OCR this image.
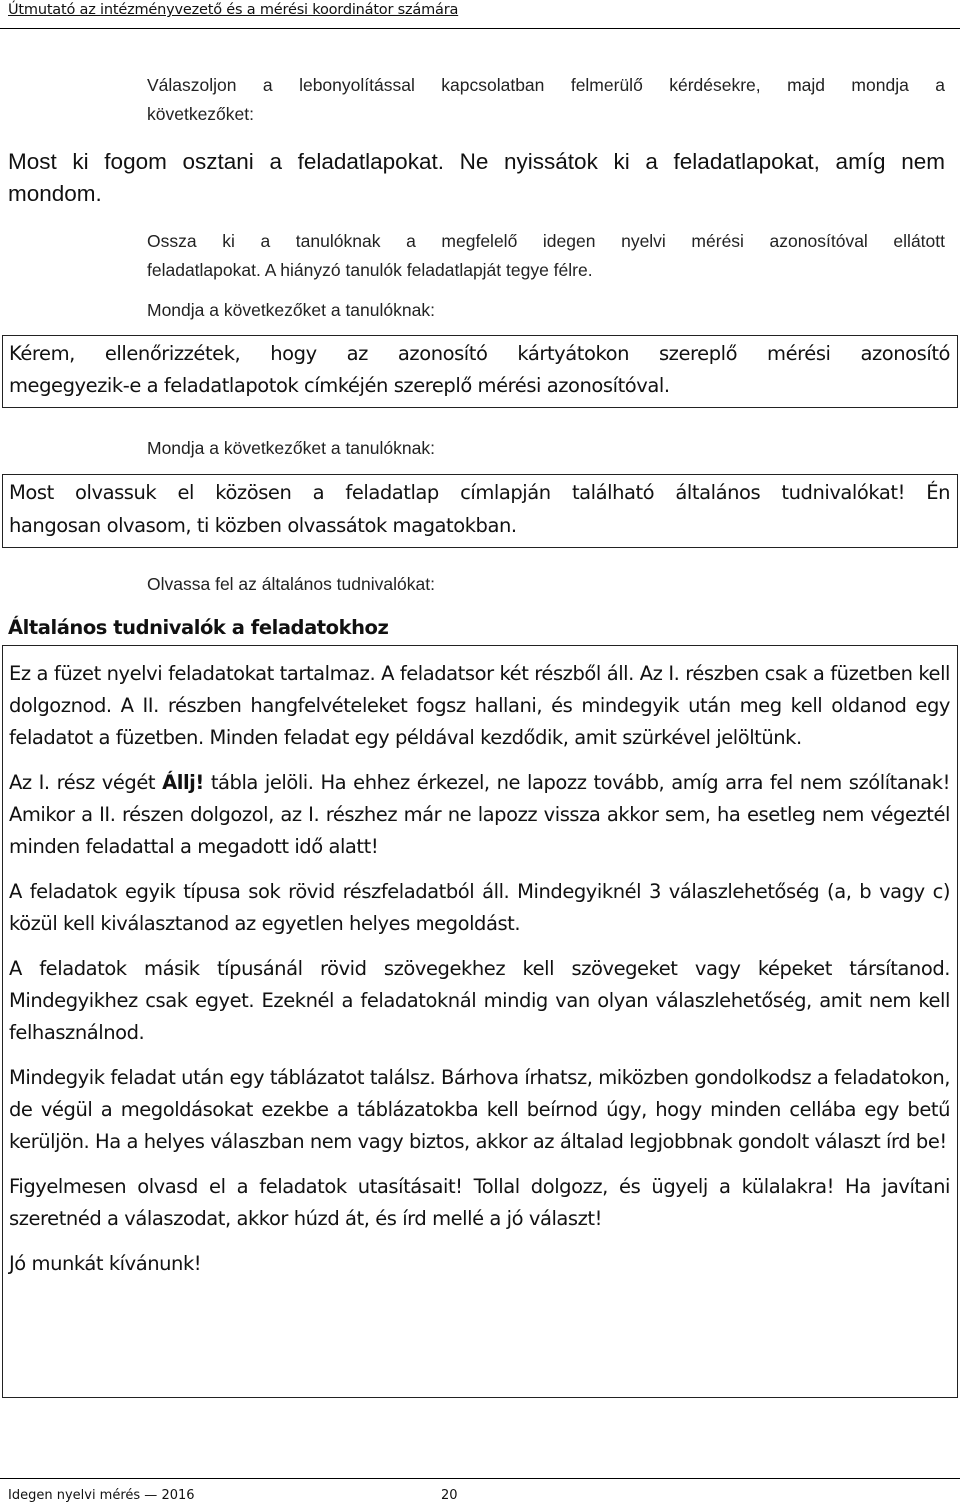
Útmutató az intézményvezető és a mérési koordinátor számára
Válaszoljon a lebonyolítással kapcsolatban felmerülő kérdésekre, majd mondja a
következőket:
Most ki fogom osztani a feladatlapokat. Ne nyissátok ki a feladatlapokat, amíg nem
mondom.
Ossza ki a tanulóknak a megfelelő idegen nyelvi mérési azonosítóval ellátott
feladatlapokat. A hiányzó tanulók feladatlapját tegye félre.
Mondja a következőket a tanulóknak:
Kérem, ellenőrizzétek, hogy az azonosító kártyátokon szereplő mérési azonosító
megegyezik-e a feladatlapotok címkéjén szereplő mérési azonosítóval.
Mondja a következőket a tanulóknak:
Most olvassuk el közösen a feladatlap címlapján található általános tudnivalókat! Én
hangosan olvasom, ti közben olvassátok magatokban.
Olvassa fel az általános tudnivalókat:
Általános tudnivalók a feladatokhoz

Ez a füzet nyelvi feladatokat tartalmaz. A feladatsor két részből áll. Az I. részben csak a füzetben kell dolgoznod. A II. részben hangfelvételeket fogsz hallani, és mindegyik után meg kell oldanod egy feladatot a füzetben. Minden feladat egy példával kezdődik, amit szürkével jelöltünk.

Az I. rész végét Állj! tábla jelöli. Ha ehhez érkezel, ne lapozz tovább, amíg arra fel nem szólítanak! Amikor a II. részen dolgozol, az I. részhez már ne lapozz vissza akkor sem, ha esetleg nem végeztél minden feladattal a megadott idő alatt!

A feladatok egyik típusa sok rövid részfeladatból áll. Mindegyiknél 3 válaszlehetőség (a, b vagy c) közül kell kiválasztanod az egyetlen helyes megoldást.

A feladatok másik típusánál rövid szövegekhez kell szövegeket vagy képeket társítanod. Mindegyikhez csak egyet. Ezeknél a feladatoknál mindig van olyan válaszlehetőség, amit nem kell felhasználnod.

Mindegyik feladat után egy táblázatot találsz. Bárhova írhatsz, miközben gondolkodsz a feladatokon, de végül a megoldásokat ezekbe a táblázatokba kell beírnod úgy, hogy minden cellába egy betű kerüljön. Ha a helyes válaszban nem vagy biztos, akkor az általad legjobbnak gondolt választ írd be!

Figyelmesen olvasd el a feladatok utasításait! Tollal dolgozz, és ügyelj a külalakra! Ha javítani szeretnéd a válaszodat, akkor húzd át, és írd mellé a jó választ!

Jó munkát kívánunk!

Idegen nyelvi mérés — 2016	20
